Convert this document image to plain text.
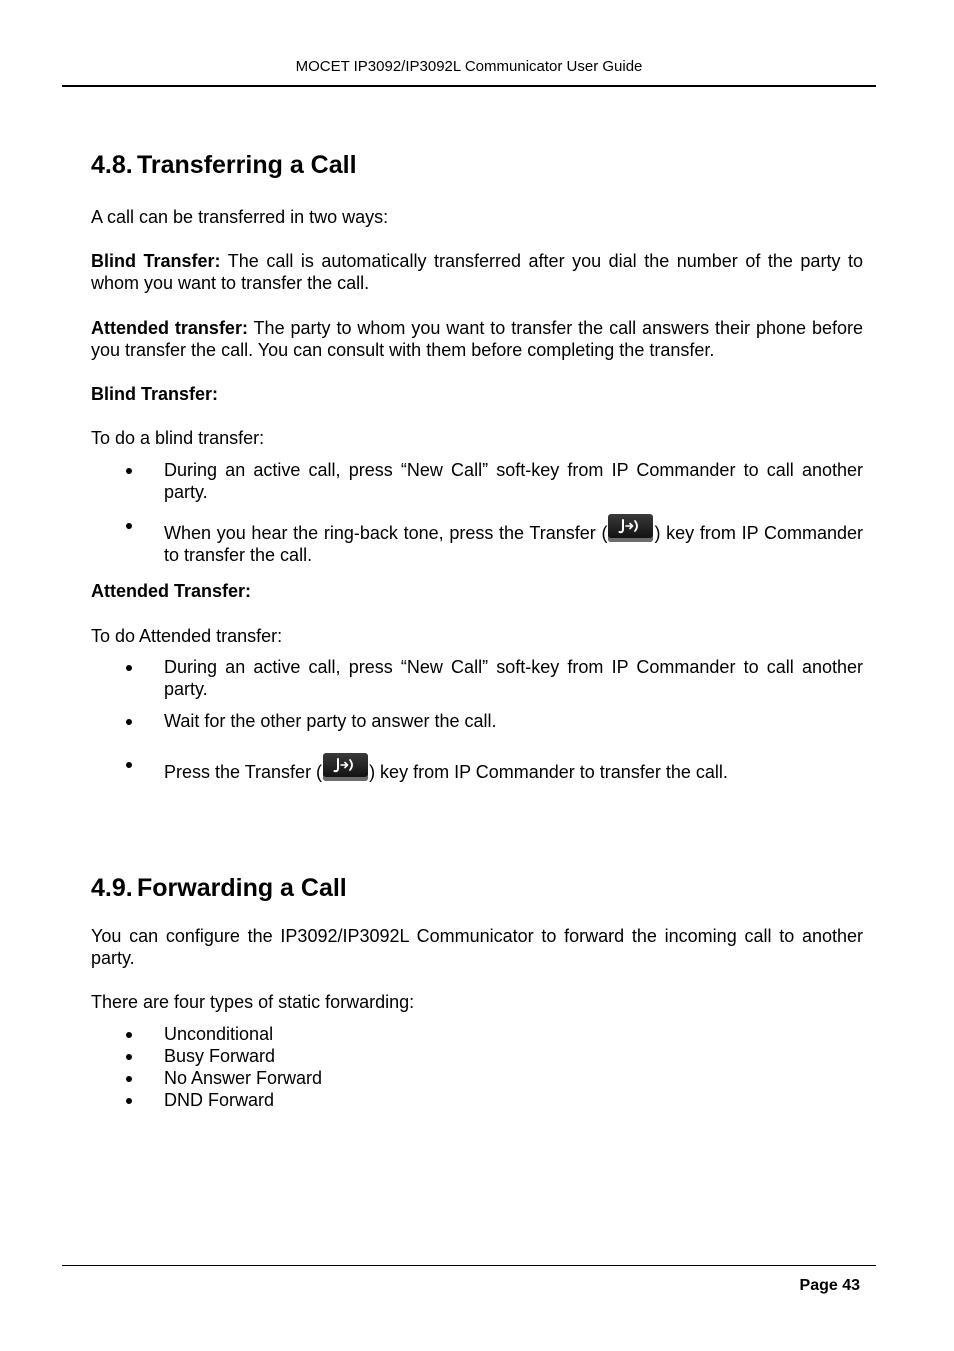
MOCET IP3092/IP3092L Communicator User Guide
4.8. Transferring a Call

A call can be transferred in two ways:

Blind Transfer: The call is automatically transferred after you dial the number of the party to whom you want to transfer the call.

Attended transfer: The party to whom you want to transfer the call answers their phone before you transfer the call. You can consult with them before completing the transfer.

Blind Transfer:

To do a blind transfer:

During an active call, press “New Call” soft-key from IP Commander to call another party.
When you hear the ring-back tone, press the Transfer (	) key from IP Commander to transfer the call.

Attended Transfer:

To do Attended transfer:

During an active call, press “New Call” soft-key from IP Commander to call another party.
Wait for the other party to answer the call.
Press the Transfer (	) key from IP Commander to transfer the call.
4.9. Forwarding a Call

You can configure the IP3092/IP3092L Communicator to forward the incoming call to another party.

There are four types of static forwarding:

Unconditional
Busy Forward
No Answer Forward
DND Forward
Page 43
